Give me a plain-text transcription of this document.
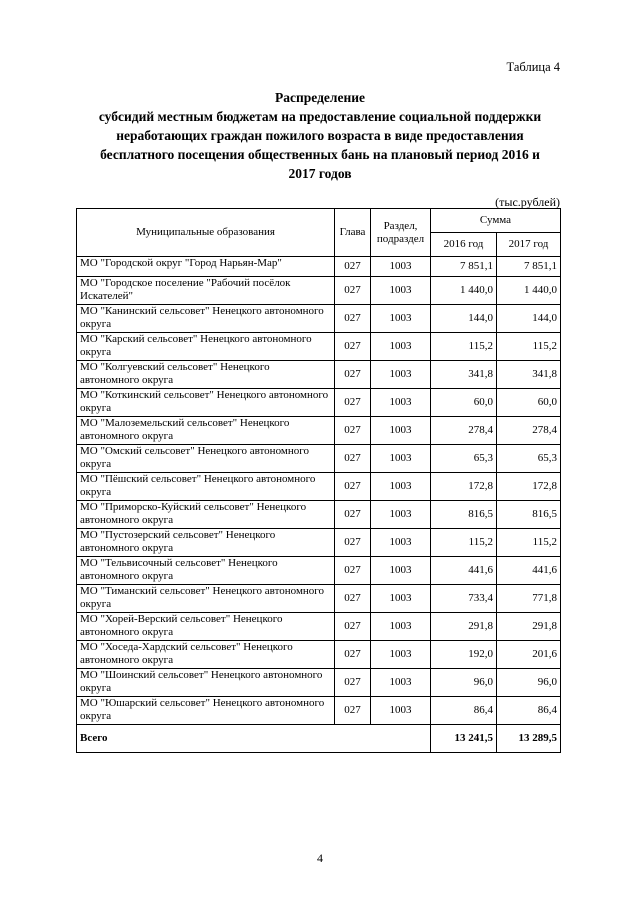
Таблица 4
Распределение
субсидий местным бюджетам на предоставление социальной поддержки
неработающих граждан пожилого возраста в виде предоставления
бесплатного посещения общественных бань на плановый период 2016 и
2017 годов
(тыс.рублей)
Муниципальные образования	Глава	Раздел, подраздел	Сумма	
			2016 год	2017 год
МО "Городской округ "Город Нарьян-Мар"	027	1003	7 851,1	7 851,1
МО "Городское поселение "Рабочий посёлок Искателей"	027	1003	1 440,0	1 440,0
МО "Канинский сельсовет" Ненецкого автономного округа	027	1003	144,0	144,0
МО "Карский сельсовет" Ненецкого автономного округа	027	1003	115,2	115,2
МО "Колгуевский сельсовет" Ненецкого автономного округа	027	1003	341,8	341,8
МО "Коткинский сельсовет" Ненецкого автономного округа	027	1003	60,0	60,0
МО "Малоземельский сельсовет" Ненецкого автономного округа	027	1003	278,4	278,4
МО "Омский сельсовет" Ненецкого автономного округа	027	1003	65,3	65,3
МО "Пёшский сельсовет" Ненецкого автономного округа	027	1003	172,8	172,8
МО "Приморско-Куйский сельсовет" Ненецкого автономного округа	027	1003	816,5	816,5
МО "Пустозерский сельсовет" Ненецкого автономного округа	027	1003	115,2	115,2
МО "Тельвисочный сельсовет" Ненецкого автономного округа	027	1003	441,6	441,6
МО "Тиманский сельсовет" Ненецкого автономного округа	027	1003	733,4	771,8
МО "Хорей-Верский сельсовет" Ненецкого автономного округа	027	1003	291,8	291,8
МО "Хоседа-Хардский сельсовет" Ненецкого автономного округа	027	1003	192,0	201,6
МО "Шоинский сельсовет" Ненецкого автономного округа	027	1003	96,0	96,0
МО "Юшарский сельсовет" Ненецкого автономного округа	027	1003	86,4	86,4
Всего			13 241,5	13 289,5
4
